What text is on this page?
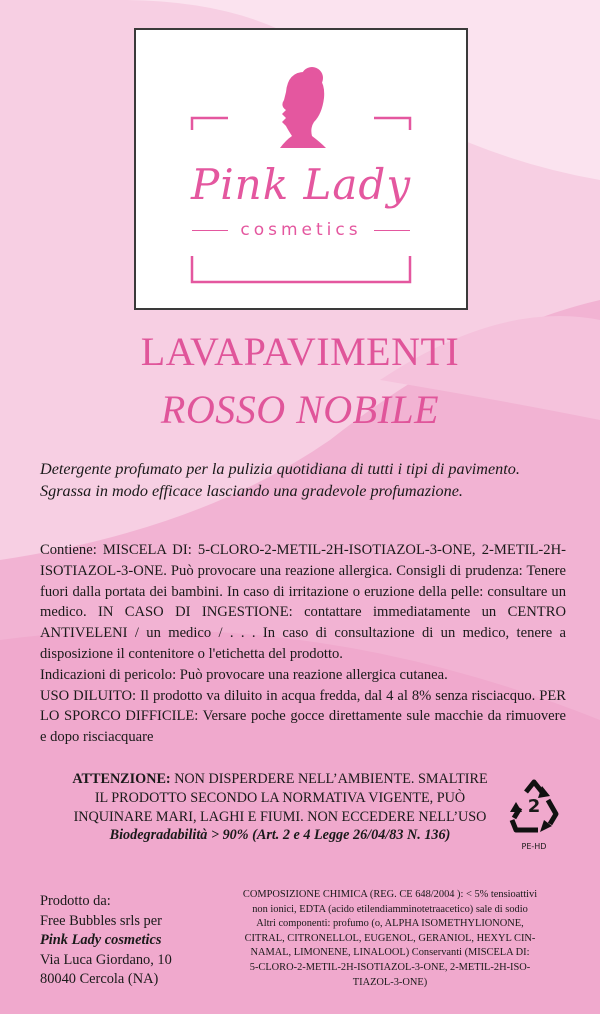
Pink Lady
cosmetics
LAVAPAVIMENTI
ROSSO NOBILE
Detergente profumato per la pulizia quotidiana di tutti i tipi di pavimento.
Sgrassa in modo efficace lasciando una gradevole profumazione.

Contiene: MISCELA DI: 5-CLORO-2-METIL-2H-ISOTIAZOL-3-ONE, 2-METIL-2H-ISOTIAZOL-3-ONE. Può provocare una reazione allergica. Consigli di prudenza: Tenere fuori dalla portata dei bambini. In caso di irritazione o eruzione della pelle: consultare un medico. IN CASO DI INGESTIONE: contattare immediatamente un CENTRO ANTIVELENI / un medico / . . . In caso di consultazione di un medico, tenere a disposizione il contenitore o l'etichetta del prodotto.

Indicazioni di pericolo: Può provocare una reazione allergica cutanea.

USO DILUITO: Il prodotto va diluito in acqua fredda, dal 4 al 8% senza risciacquo. PER LO SPORCO DIFFICILE: Versare poche gocce direttamente sule macchie da rimuovere e dopo risciacquare

ATTENZIONE: NON DISPERDERE NELL’AMBIENTE. SMALTIRE

IL PRODOTTO SECONDO LA NORMATIVA VIGENTE, PUÒ

INQUINARE MARI, LAGHI E FIUMI. NON ECCEDERE NELL’USO

Biodegradabilità > 90% (Art. 2 e 4 Legge 26/04/83 N. 136)

2
PE-HD

Prodotto da:

Free Bubbles srls per

Pink Lady cosmetics

Via Luca Giordano, 10

80040 Cercola (NA)

COMPOSIZIONE CHIMICA (REG. CE 648/2004 ): < 5% tensioattivi

non ionici, EDTA (acido etilendiamminotetraacetico) sale di sodio

Altri componenti: profumo (o, ALPHA ISOMETHYLIONONE,

CITRAL, CITRONELLOL, EUGENOL, GERANIOL, HEXYL CIN-

NAMAL, LIMONENE, LINALOOL) Conservanti (MISCELA DI:

5-CLORO-2-METIL-2H-ISOTIAZOL-3-ONE, 2-METIL-2H-ISO-

TIAZOL-3-ONE)
